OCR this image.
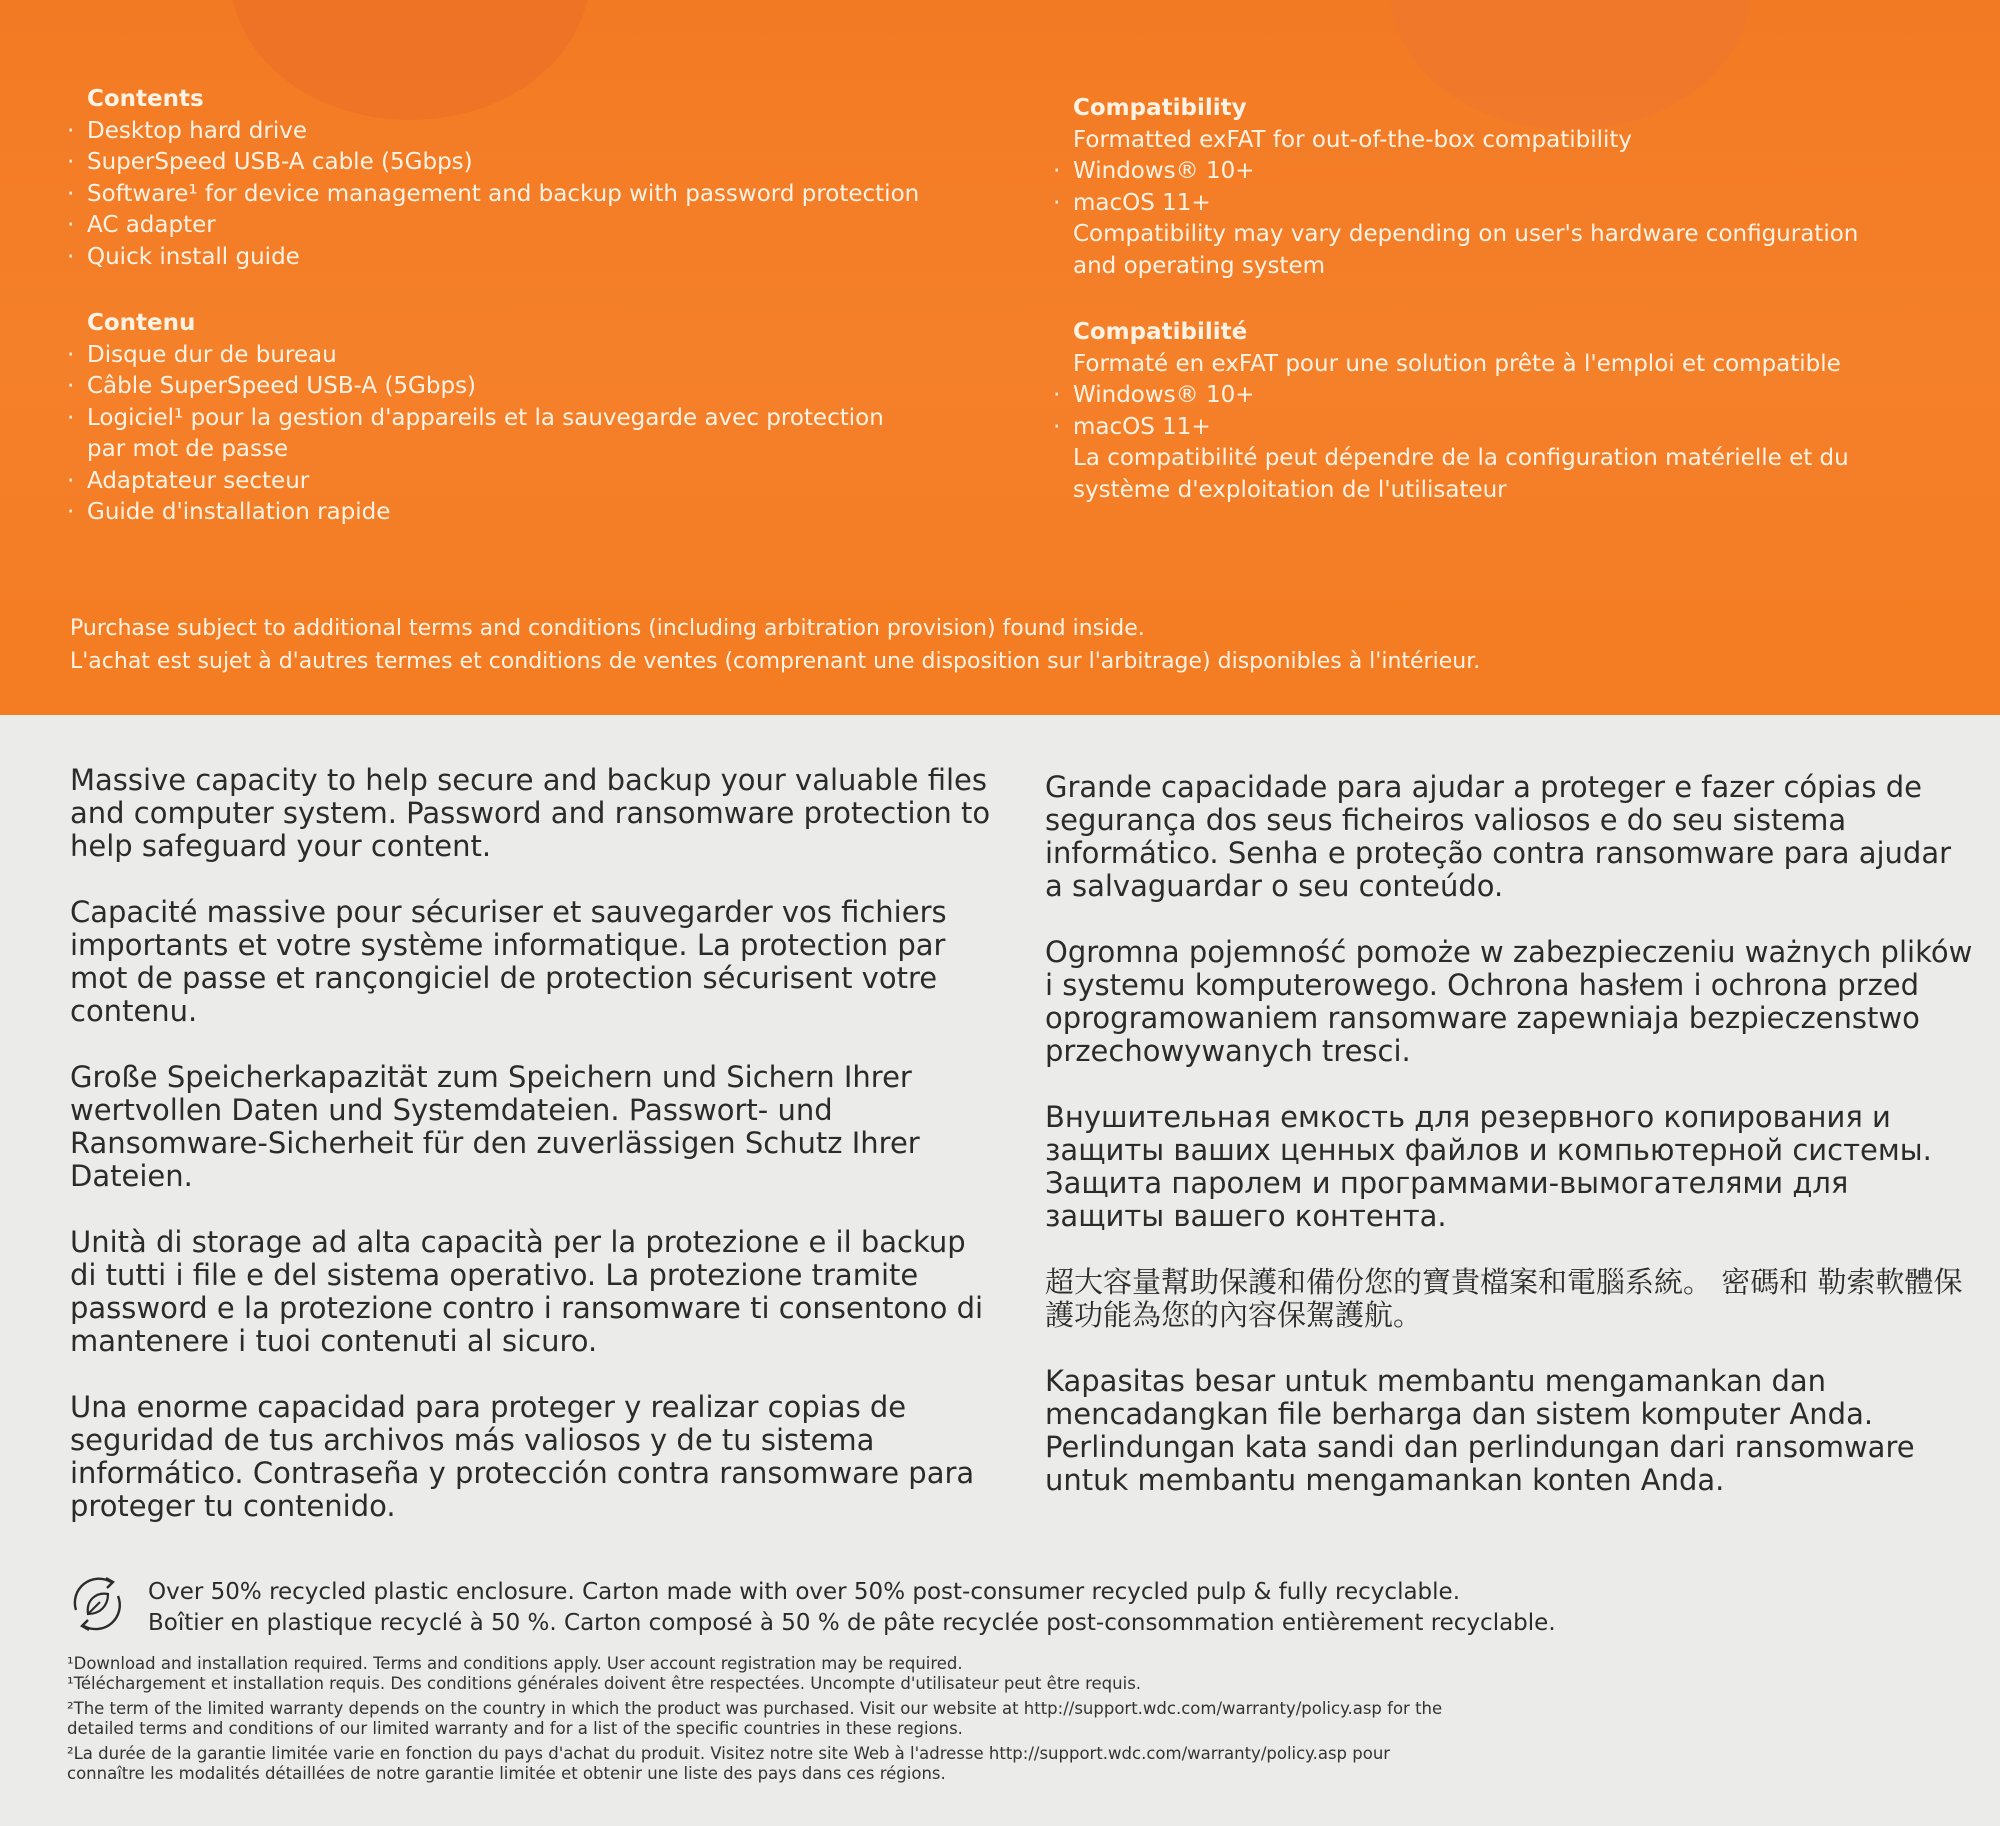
Contents
· Desktop hard drive
· SuperSpeed USB-A cable (5Gbps)
· Software¹ for device management and backup with password protection
· AC adapter
· Quick install guide
Contenu
· Disque dur de bureau
· Câble SuperSpeed USB-A (5Gbps)
· Logiciel¹ pour la gestion d'appareils et la sauvegarde avec protection par mot de passe
· Adaptateur secteur
· Guide d'installation rapide
Compatibility
Formatted exFAT for out-of-the-box compatibility
· Windows® 10+
· macOS 11+
Compatibility may vary depending on user's hardware configuration and operating system
Compatibilité
Formaté en exFAT pour une solution prête à l'emploi et compatible
· Windows® 10+
· macOS 11+
La compatibilité peut dépendre de la configuration matérielle et du système d'exploitation de l'utilisateur
Purchase subject to additional terms and conditions (including arbitration provision) found inside.
L'achat est sujet à d'autres termes et conditions de ventes (comprenant une disposition sur l'arbitrage) disponibles à l'intérieur.

Massive capacity to help secure and backup your valuable files and computer system. Password and ransomware protection to help safeguard your content.

Capacité massive pour sécuriser et sauvegarder vos fichiers importants et votre système informatique. La protection par mot de passe et rançongiciel de protection sécurisent votre contenu.

Große Speicherkapazität zum Speichern und Sichern Ihrer wertvollen Daten und Systemdateien. Passwort- und Ransomware-Sicherheit für den zuverlässigen Schutz Ihrer Dateien.

Unità di storage ad alta capacità per la protezione e il backup di tutti i file e del sistema operativo. La protezione tramite password e la protezione contro i ransomware ti consentono di mantenere i tuoi contenuti al sicuro.

Una enorme capacidad para proteger y realizar copias de seguridad de tus archivos más valiosos y de tu sistema informático. Contraseña y protección contra ransomware para proteger tu contenido.

Grande capacidade para ajudar a proteger e fazer cópias de segurança dos seus ficheiros valiosos e do seu sistema informático. Senha e proteção contra ransomware para ajudar a salvaguardar o seu conteúdo.

Ogromna pojemność pomoże w zabezpieczeniu ważnych plików i systemu komputerowego. Ochrona hasłem i ochrona przed oprogramowaniem ransomware zapewniaja bezpieczenstwo przechowywanych tresci.

Внушительная емкость для резервного копирования и защиты ваших ценных файлов и компьютерной системы. Защита паролем и программами-вымогателями для защиты вашего контента.

超大容量幫助保護和備份您的寶貴檔案和電腦系統。 密碼和 勒索軟體保護功能為您的內容保駕護航。

Kapasitas besar untuk membantu mengamankan dan mencadangkan file berharga dan sistem komputer Anda. Perlindungan kata sandi dan perlindungan dari ransomware untuk membantu mengamankan konten Anda.

Over 50% recycled plastic enclosure. Carton made with over 50% post-consumer recycled pulp & fully recyclable.
Boîtier en plastique recyclé à 50 %. Carton composé à 50 % de pâte recyclée post-consommation entièrement recyclable.
¹Download and installation required. Terms and conditions apply. User account registration may be required.
¹Téléchargement et installation requis. Des conditions générales doivent être respectées. Uncompte d'utilisateur peut être requis.
²The term of the limited warranty depends on the country in which the product was purchased. Visit our website at http://support.wdc.com/warranty/policy.asp for the detailed terms and conditions of our limited warranty and for a list of the specific countries in these regions.
²La durée de la garantie limitée varie en fonction du pays d'achat du produit. Visitez notre site Web à l'adresse http://support.wdc.com/warranty/policy.asp pour connaître les modalités détaillées de notre garantie limitée et obtenir une liste des pays dans ces régions.
